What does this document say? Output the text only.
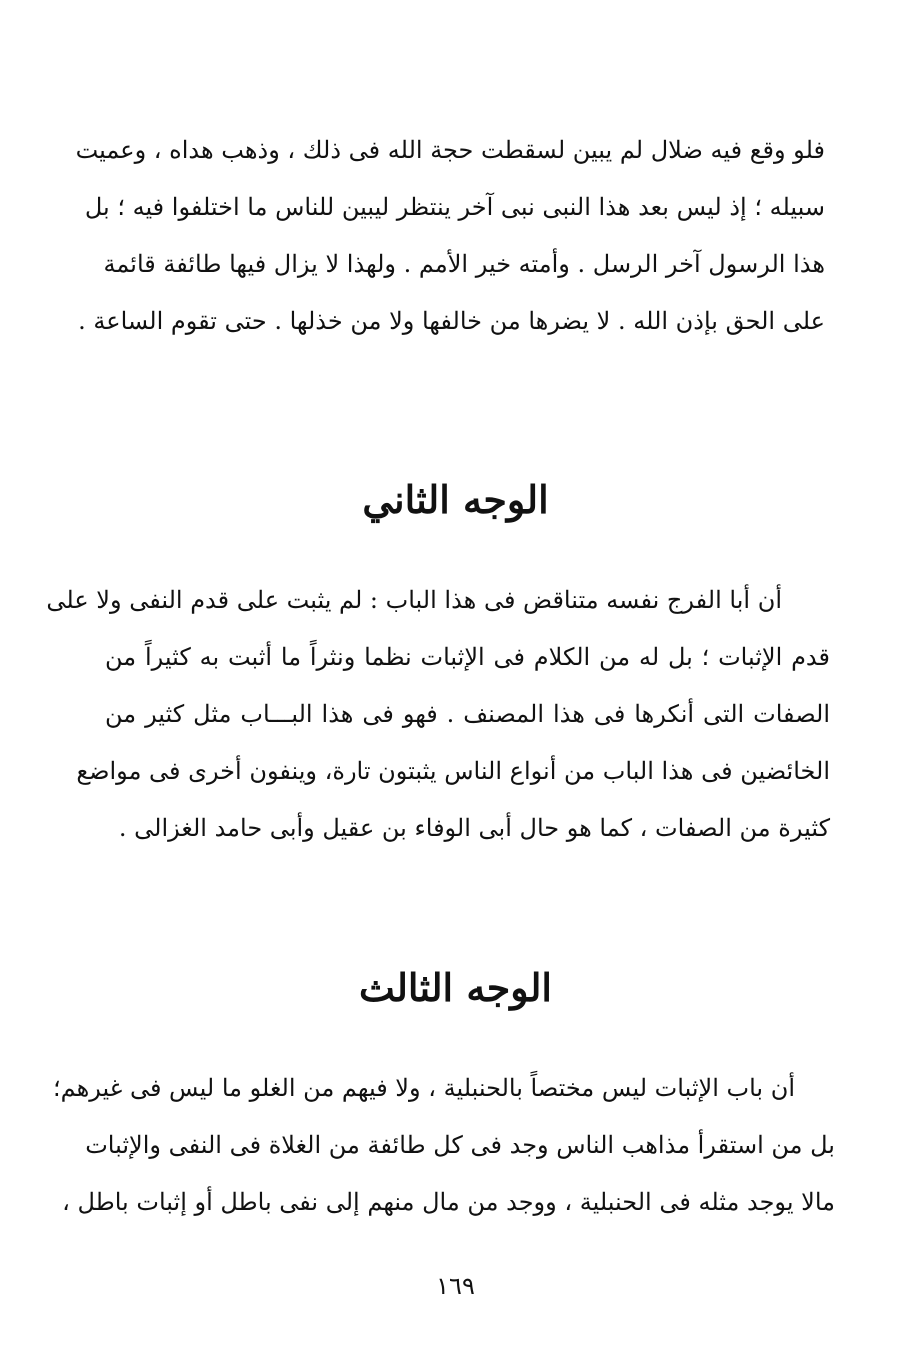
فلو وقع فيه ضلال لم يبين لسقطت حجة الله فى ذلك ، وذهب هداه ، وعميت
سبيله ؛ إذ ليس بعد هذا النبى نبى آخر ينتظر ليبين للناس ما اختلفوا فيه ؛ بل
هذا الرسول آخر الرسل . وأمته خير الأمم . ولهذا لا يزال فيها طائفة قائمة
على الحق بإذن الله . لا يضرها من خالفها ولا من خذلها . حتى تقوم الساعة .
الوجه الثاني
أن أبا الفرج نفسه متناقض فى هذا الباب : لم يثبت على قدم النفى ولا على
قدم الإثبات ؛ بل له من الكلام فى الإثبات نظما ونثراً ما أثبت به كثيراً من
الصفات التى أنكرها فى هذا المصنف . فهو فى هذا البـــاب مثل كثير من
الخائضين فى هذا الباب من أنواع الناس يثبتون تارة، وينفون أخرى فى مواضع
كثيرة من الصفات ، كما هو حال أبى الوفاء بن عقيل وأبى حامد الغزالى .
الوجه الثالث
أن باب الإثبات ليس مختصاً بالحنبلية ، ولا فيهم من الغلو ما ليس فى غيرهم؛
بل من استقرأ مذاهب الناس وجد فى كل طائفة من الغلاة فى النفى والإثبات
مالا يوجد مثله فى الحنبلية ، ووجد من مال منهم إلى نفى باطل أو إثبات باطل ،
١٦٩
